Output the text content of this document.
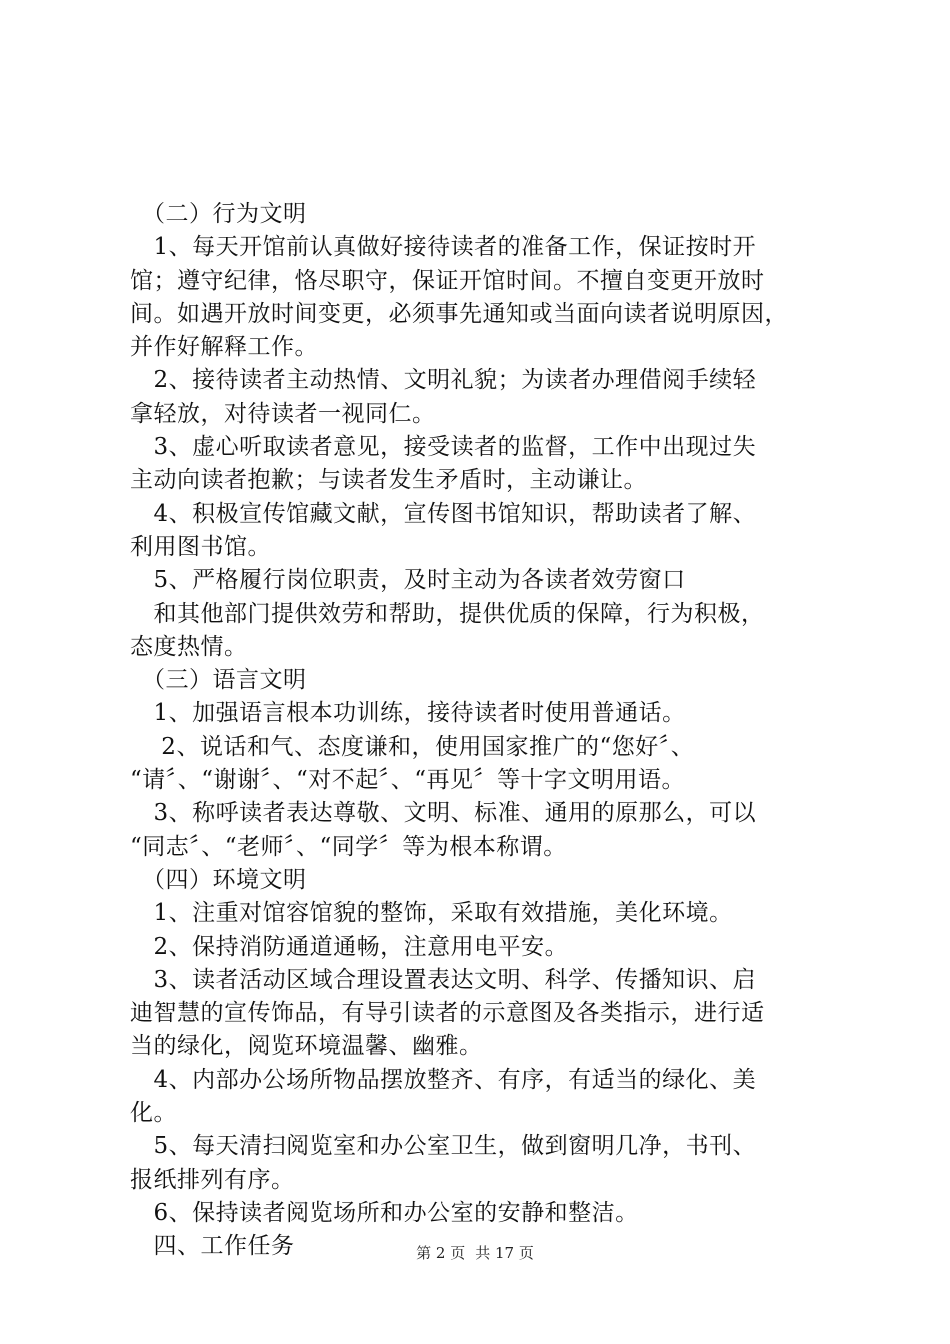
　（二）行为文明
　1、每天开馆前认真做好接待读者的准备工作，保证按时开
馆；遵守纪律，恪尽职守，保证开馆时间。不擅自变更开放时
间。如遇开放时间变更，必须事先通知或当面向读者说明原因，
并作好解释工作。
　2、接待读者主动热情、文明礼貌；为读者办理借阅手续轻
拿轻放，对待读者一视同仁。
　3、虚心听取读者意见，接受读者的监督，工作中出现过失
主动向读者抱歉；与读者发生矛盾时，主动谦让。
　4、积极宣传馆藏文献，宣传图书馆知识，帮助读者了解、
利用图书馆。
　5、严格履行岗位职责，及时主动为各读者效劳窗口
　和其他部门提供效劳和帮助，提供优质的保障，行为积极，
态度热情。
　（三）语言文明
　1、加强语言根本功训练，接待读者时使用普通话。
　 2、说话和气、态度谦和，使用国家推广的“您好〞、
“请〞、“谢谢〞、“对不起〞、“再见〞等十字文明用语。
　3、称呼读者表达尊敬、文明、标准、通用的原那么，可以
“同志〞、“老师〞、“同学〞等为根本称谓。
　（四）环境文明
　1、注重对馆容馆貌的整饰，采取有效措施，美化环境。
　2、保持消防通道通畅，注意用电平安。
　3、读者活动区域合理设置表达文明、科学、传播知识、启
迪智慧的宣传饰品，有导引读者的示意图及各类指示，进行适
当的绿化，阅览环境温馨、幽雅。
　4、内部办公场所物品摆放整齐、有序，有适当的绿化、美
化。
　5、每天清扫阅览室和办公室卫生，做到窗明几净，书刊、
报纸排列有序。
　6、保持读者阅览场所和办公室的安静和整洁。
　四、工作任务	第 2 页 共 17 页
